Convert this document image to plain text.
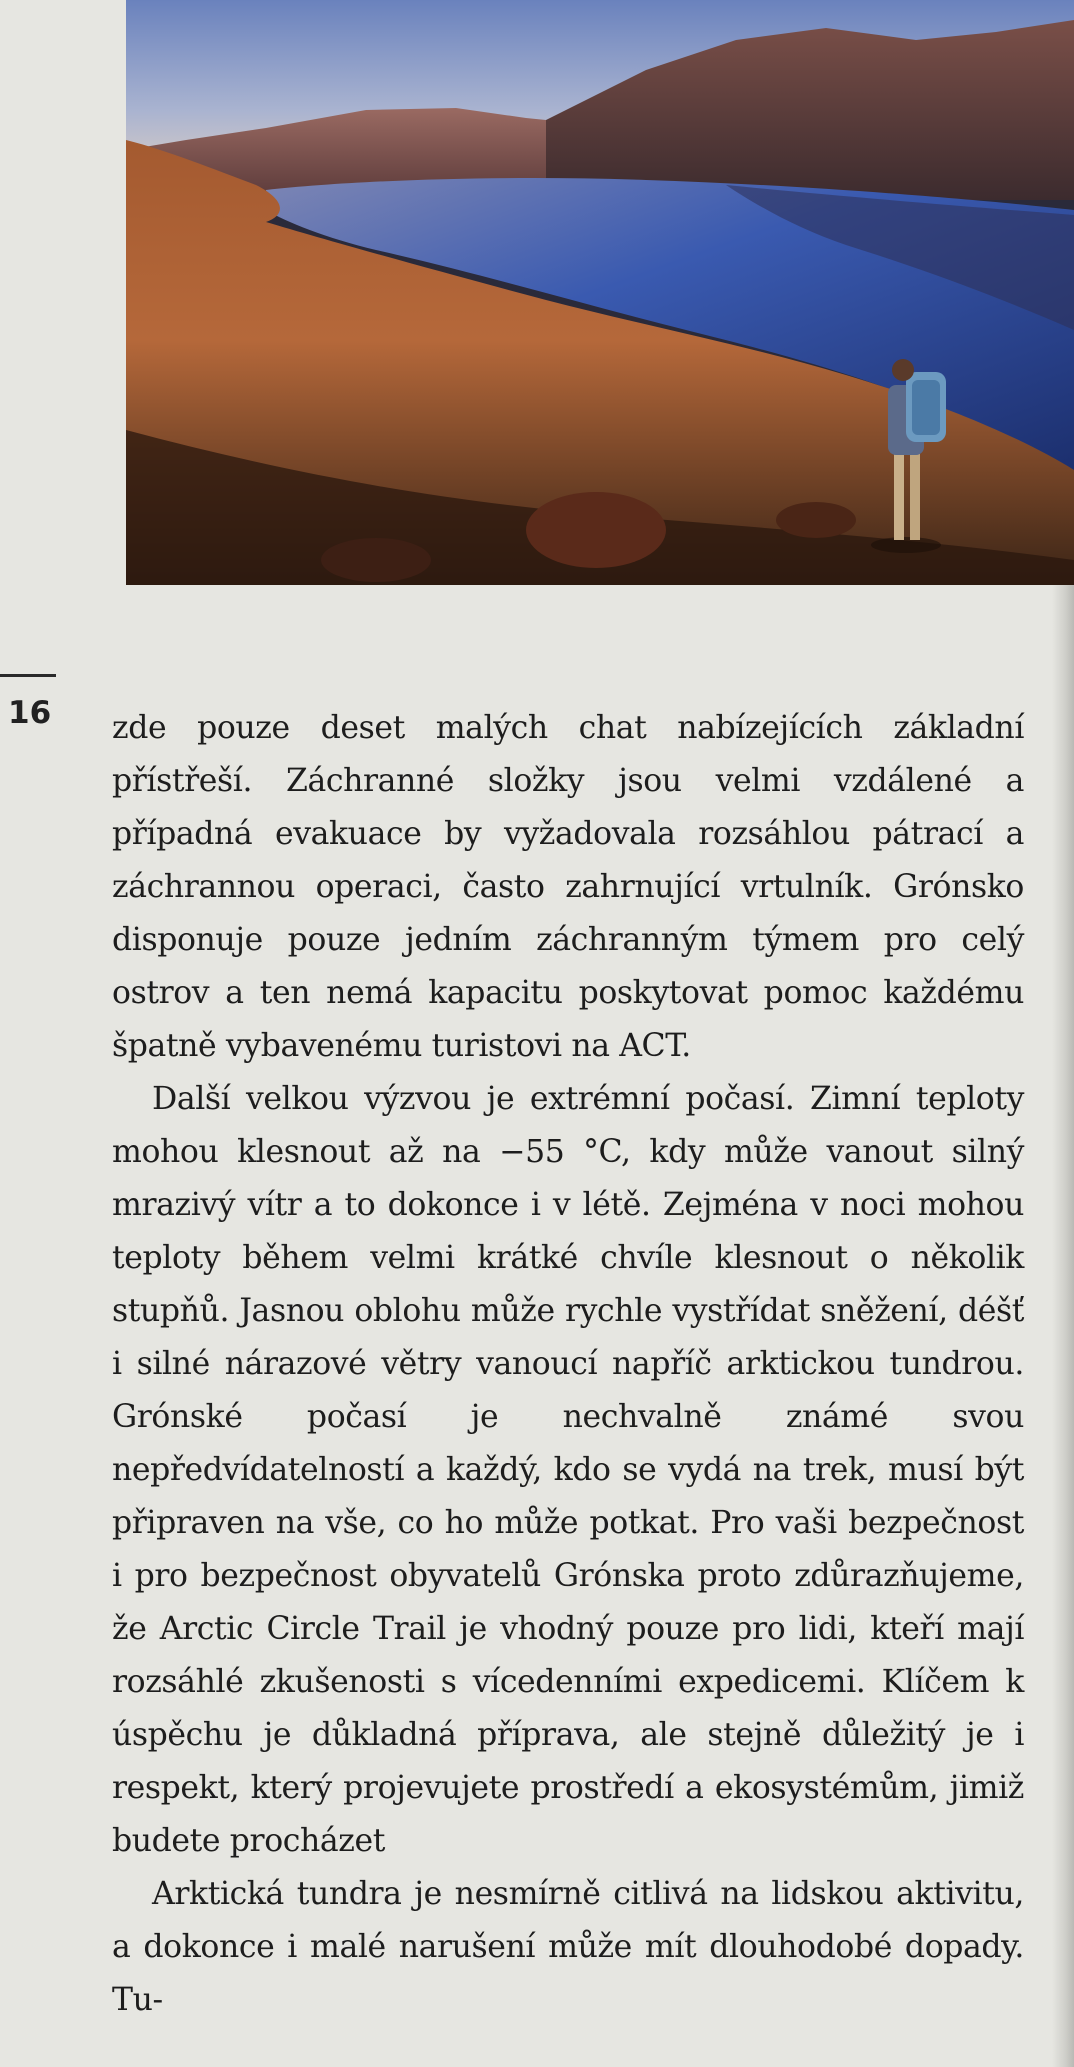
16 zde pouze deset malých chat nabízejících základní přístřeší. Záchranné složky jsou velmi vzdálené a případná evakuace by vyžadovala rozsáhlou pátrací a záchrannou operaci, často zahrnující vrtulník. Grónsko disponuje pouze jedním záchranným týmem pro celý ostrov a ten nemá kapacitu poskytovat pomoc každému špatně vybavenému turistovi na ACT.

Další velkou výzvou je extrémní počasí. Zimní teploty mohou klesnout až na −55 °C, kdy může vanout silný mrazivý vítr a to dokonce i v létě. Zejména v noci mohou teploty během velmi krátké chvíle klesnout o několik stupňů. Jasnou oblohu může rychle vystřídat sněžení, déšť i silné nárazové větry vanoucí napříč arktickou tundrou. Grónské počasí je nechvalně známé svou nepředvídatelností a každý, kdo se vydá na trek, musí být připraven na vše, co ho může potkat. Pro vaši bezpečnost i pro bezpečnost obyvatelů Grónska proto zdůrazňujeme, že Arctic Circle Trail je vhodný pouze pro lidi, kteří mají rozsáhlé zkušenosti s vícedenními expedicemi. Klíčem k úspěchu je důkladná příprava, ale stejně důležitý je i respekt, který projevujete prostředí a ekosystémům, jimiž budete procházet

Arktická tundra je nesmírně citlivá na lidskou aktivitu, a dokonce i malé narušení může mít dlouhodobé dopady. Tu-
